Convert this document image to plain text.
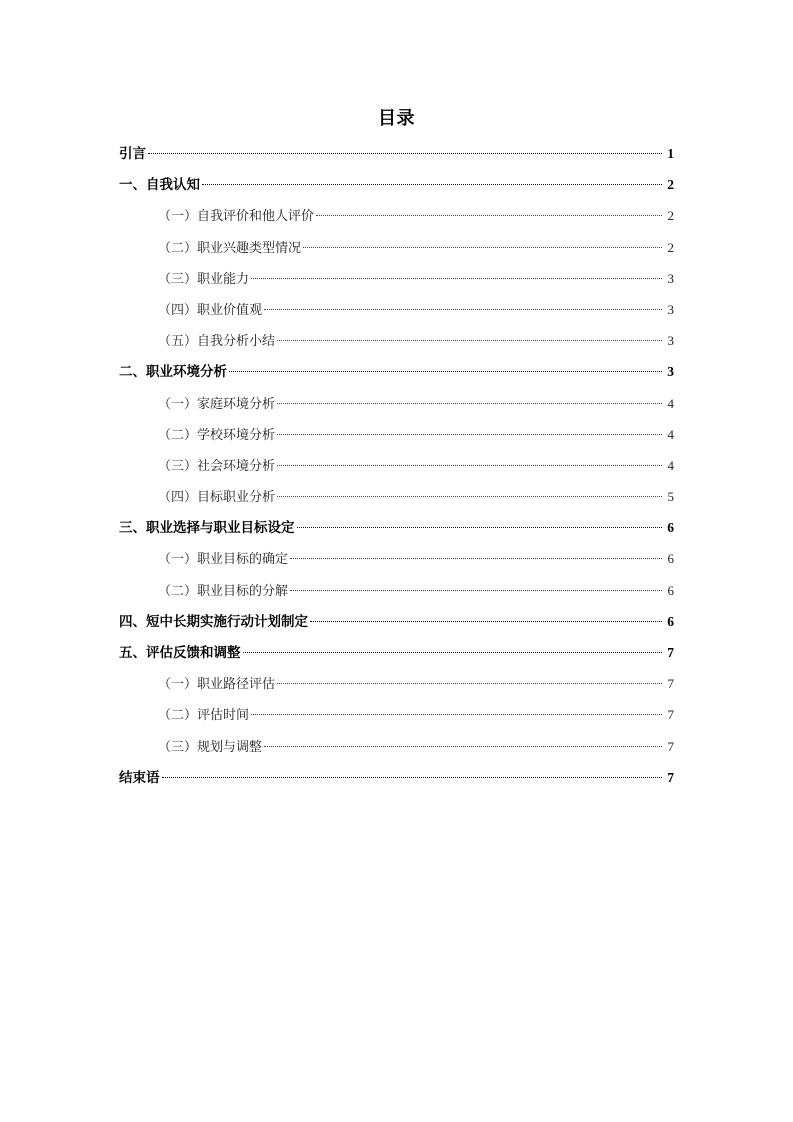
目录
引言	1
一、自我认知	2
（一）自我评价和他人评价	2
（二）职业兴趣类型情况	2
（三）职业能力	3
（四）职业价值观	3
（五）自我分析小结	3
二、职业环境分析	3
（一）家庭环境分析	4
（二）学校环境分析	4
（三）社会环境分析	4
（四）目标职业分析	5
三、职业选择与职业目标设定	6
（一）职业目标的确定	6
（二）职业目标的分解	6
四、短中长期实施行动计划制定	6
五、评估反馈和调整	7
（一）职业路径评估	7
（二）评估时间	7
（三）规划与调整	7
结束语	7
